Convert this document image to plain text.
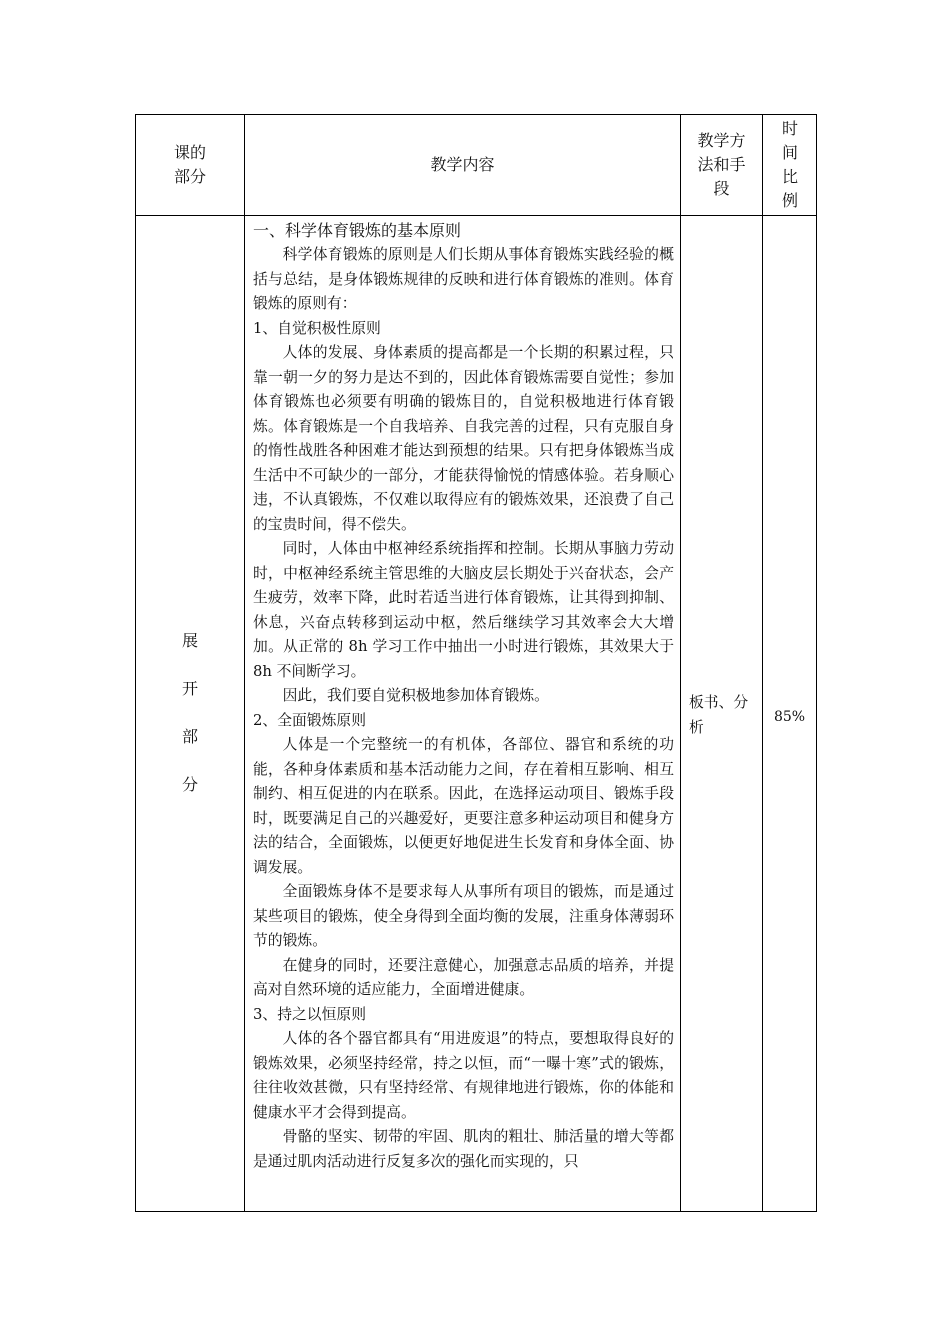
课的
部分
教学内容
教学方
法和手
段
时
间
比
例
展
开
部
分
一、科学体育锻炼的基本原则

科学体育锻炼的原则是人们长期从事体育锻炼实践经验的概括与总结，是身体锻炼规律的反映和进行体育锻炼的准则。体育锻炼的原则有：

1、自觉积极性原则

人体的发展、身体素质的提高都是一个长期的积累过程，只靠一朝一夕的努力是达不到的，因此体育锻炼需要自觉性；参加体育锻炼也必须要有明确的锻炼目的，自觉积极地进行体育锻炼。体育锻炼是一个自我培养、自我完善的过程，只有克服自身的惰性战胜各种困难才能达到预想的结果。只有把身体锻炼当成生活中不可缺少的一部分，才能获得愉悦的情感体验。若身顺心违，不认真锻炼，不仅难以取得应有的锻炼效果，还浪费了自己的宝贵时间，得不偿失。

同时，人体由中枢神经系统指挥和控制。长期从事脑力劳动时，中枢神经系统主管思维的大脑皮层长期处于兴奋状态，会产生疲劳，效率下降，此时若适当进行体育锻炼，让其得到抑制、休息，兴奋点转移到运动中枢，然后继续学习其效率会大大增加。从正常的 8h 学习工作中抽出一小时进行锻炼，其效果大于 8h 不间断学习。

因此，我们要自觉积极地参加体育锻炼。

2、全面锻炼原则

人体是一个完整统一的有机体，各部位、器官和系统的功能，各种身体素质和基本活动能力之间，存在着相互影响、相互制约、相互促进的内在联系。因此，在选择运动项目、锻炼手段时，既要满足自己的兴趣爱好，更要注意多种运动项目和健身方法的结合，全面锻炼，以便更好地促进生长发育和身体全面、协调发展。

全面锻炼身体不是要求每人从事所有项目的锻炼，而是通过某些项目的锻炼，使全身得到全面均衡的发展，注重身体薄弱环节的锻炼。

在健身的同时，还要注意健心，加强意志品质的培养，并提高对自然环境的适应能力，全面增进健康。

3、持之以恒原则

人体的各个器官都具有“用进废退”的特点，要想取得良好的锻炼效果，必须坚持经常，持之以恒，而“一曝十寒”式的锻炼，往往收效甚微，只有坚持经常、有规律地进行锻炼，你的体能和健康水平才会得到提高。

骨骼的坚实、韧带的牢固、肌肉的粗壮、肺活量的增大等都是通过肌肉活动进行反复多次的强化而实现的，只

板书、分析
85%
